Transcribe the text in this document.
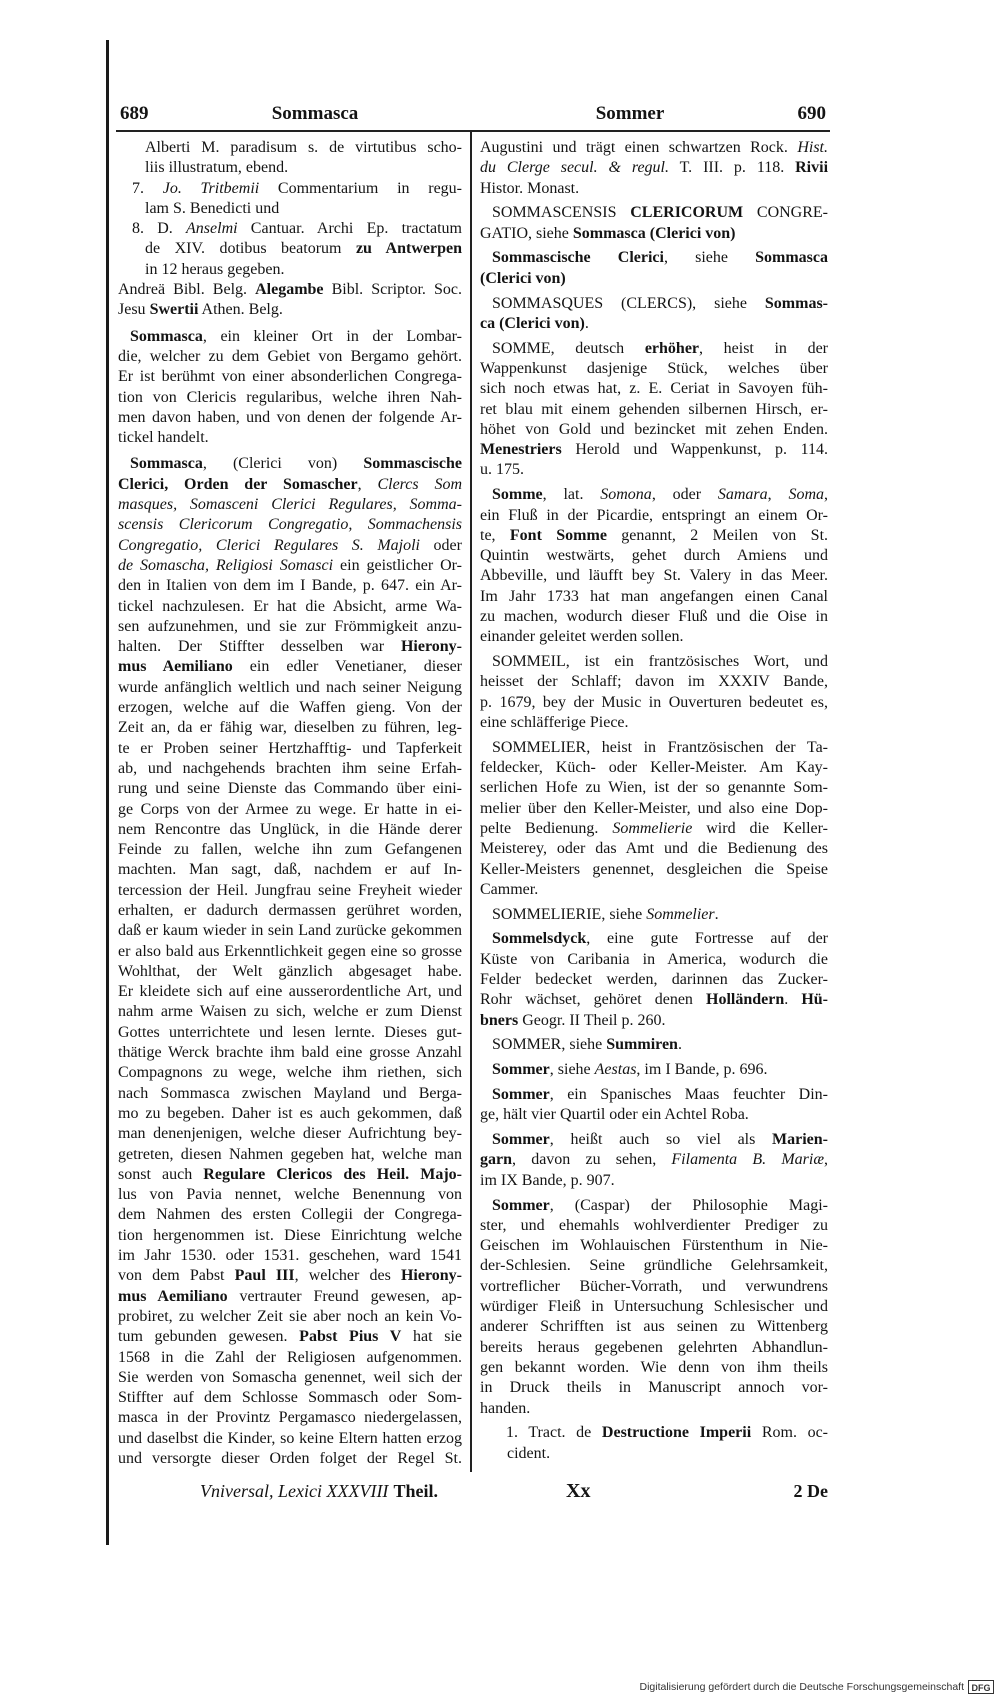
689	Sommasca	Sommer	690
Alberti M. paradisum s. de virtutibus scho-
liis illustratum, ebend.
7. Jo. Tritbemii Commentarium in regu-
lam S. Benedicti und
8. D. Anselmi Cantuar. Archi Ep. tractatum
de XIV. dotibus beatorum zu Antwerpen
in 12 heraus gegeben.
Andreä Bibl. Belg. Alegambe Bibl. Scriptor. Soc.
Jesu Swertii Athen. Belg.
Sommasca, ein kleiner Ort in der Lombar-
die, welcher zu dem Gebiet von Bergamo gehört.
Er ist berühmt von einer absonderlichen Congrega-
tion von Clericis regularibus, welche ihren Nah-
men davon haben, und von denen der folgende Ar-
tickel handelt.
Sommasca, (Clerici von) Sommascische
Clerici, Orden der Somascher, Clercs Som
masques, Somasceni Clerici Regulares, Somma-
scensis Clericorum Congregatio, Sommachensis
Congregatio, Clerici Regulares S. Majoli oder
de Somascha, Religiosi Somasci ein geistlicher Or-
den in Italien von dem im I Bande, p. 647. ein Ar-
tickel nachzulesen. Er hat die Absicht, arme Wa-
sen aufzunehmen, und sie zur Frömmigkeit anzu-
halten. Der Stiffter desselben war Hierony-
mus Aemiliano ein edler Venetianer, dieser
wurde anfänglich weltlich und nach seiner Neigung
erzogen, welche auf die Waffen gieng. Von der
Zeit an, da er fähig war, dieselben zu führen, leg-
te er Proben seiner Hertzhafftig- und Tapferkeit
ab, und nachgehends brachten ihm seine Erfah-
rung und seine Dienste das Commando über eini-
ge Corps von der Armee zu wege. Er hatte in ei-
nem Rencontre das Unglück, in die Hände derer
Feinde zu fallen, welche ihn zum Gefangenen
machten. Man sagt, daß, nachdem er auf In-
tercession der Heil. Jungfrau seine Freyheit wieder
erhalten, er dadurch dermassen gerühret worden,
daß er kaum wieder in sein Land zurücke gekommen
er also bald aus Erkenntlichkeit gegen eine so grosse
Wohlthat, der Welt gänzlich abgesaget habe.
Er kleidete sich auf eine ausserordentliche Art, und
nahm arme Waisen zu sich, welche er zum Dienst
Gottes unterrichtete und lesen lernte. Dieses gut-
thätige Werck brachte ihm bald eine grosse Anzahl
Compagnons zu wege, welche ihm riethen, sich
nach Sommasca zwischen Mayland und Berga-
mo zu begeben. Daher ist es auch gekommen, daß
man denenjenigen, welche dieser Aufrichtung bey-
getreten, diesen Nahmen gegeben hat, welche man
sonst auch Regulare Clericos des Heil. Majo-
lus von Pavia nennet, welche Benennung von
dem Nahmen des ersten Collegii der Congrega-
tion hergenommen ist. Diese Einrichtung welche
im Jahr 1530. oder 1531. geschehen, ward 1541
von dem Pabst Paul III, welcher des Hierony-
mus Aemiliano vertrauter Freund gewesen, ap-
probiret, zu welcher Zeit sie aber noch an kein Vo-
tum gebunden gewesen. Pabst Pius V hat sie
1568 in die Zahl der Religiosen aufgenommen.
Sie werden von Somascha genennet, weil sich der
Stiffter auf dem Schlosse Sommasch oder Som-
masca in der Provintz Pergamasco niedergelassen,
und daselbst die Kinder, so keine Eltern hatten erzog
und versorgte dieser Orden folget der Regel St.
Augustini und trägt einen schwartzen Rock. Hist.
du Clerge secul. & regul. T. III. p. 118. Rivii
Histor. Monast.
SOMMASCENSIS CLERICORUM CONGRE-
GATIO, siehe Sommasca (Clerici von)
Sommascische Clerici, siehe Sommasca
(Clerici von)
SOMMASQUES (CLERCS), siehe Sommas-
ca (Clerici von).
SOMME, deutsch erhöher, heist in der
Wappenkunst dasjenige Stück, welches über
sich noch etwas hat, z. E. Ceriat in Savoyen füh-
ret blau mit einem gehenden silbernen Hirsch, er-
höhet von Gold und bezincket mit zehen Enden.
Menestriers Herold und Wappenkunst, p. 114.
u. 175.
Somme, lat. Somona, oder Samara, Soma,
ein Fluß in der Picardie, entspringt an einem Or-
te, Font Somme genannt, 2 Meilen von St.
Quintin westwärts, gehet durch Amiens und
Abbeville, und läufft bey St. Valery in das Meer.
Im Jahr 1733 hat man angefangen einen Canal
zu machen, wodurch dieser Fluß und die Oise in
einander geleitet werden sollen.
SOMMEIL, ist ein frantzösisches Wort, und
heisset der Schlaff; davon im XXXIV Bande,
p. 1679, bey der Music in Ouverturen bedeutet es,
eine schläfferige Piece.
SOMMELIER, heist in Frantzösischen der Ta-
feldecker, Küch- oder Keller-Meister. Am Kay-
serlichen Hofe zu Wien, ist der so genannte Som-
melier über den Keller-Meister, und also eine Dop-
pelte Bedienung. Sommelierie wird die Keller-
Meisterey, oder das Amt und die Bedienung des
Keller-Meisters genennet, desgleichen die Speise
Cammer.
SOMMELIERIE, siehe Sommelier.
Sommelsdyck, eine gute Fortresse auf der
Küste von Caribania in America, wodurch die
Felder bedecket werden, darinnen das Zucker-
Rohr wächset, gehöret denen Holländern. Hü-
bners Geogr. II Theil p. 260.
SOMMER, siehe Summiren.
Sommer, siehe Aestas, im I Bande, p. 696.
Sommer, ein Spanisches Maas feuchter Din-
ge, hält vier Quartil oder ein Achtel Roba.
Sommer, heißt auch so viel als Marien-
garn, davon zu sehen, Filamenta B. Mariæ,
im IX Bande, p. 907.
Sommer, (Caspar) der Philosophie Magi-
ster, und ehemahls wohlverdienter Prediger zu
Geischen im Wohlauischen Fürstenthum in Nie-
der-Schlesien. Seine gründliche Gelehrsamkeit,
vortreflicher Bücher-Vorrath, und verwundrens
würdiger Fleiß in Untersuchung Schlesischer und
anderer Schrifften ist aus seinen zu Wittenberg
bereits heraus gegebenen gelehrten Abhandlun-
gen bekannt worden. Wie denn von ihm theils
in Druck theils in Manuscript annoch vor-
handen.
1. Tract. de Destructione Imperii Rom. oc-
cident.
Vniversal, Lexici XXXVIII Theil.	Xx	2 De
Digitalisierung gefördert durch die Deutsche Forschungsgemeinschaft DFG
